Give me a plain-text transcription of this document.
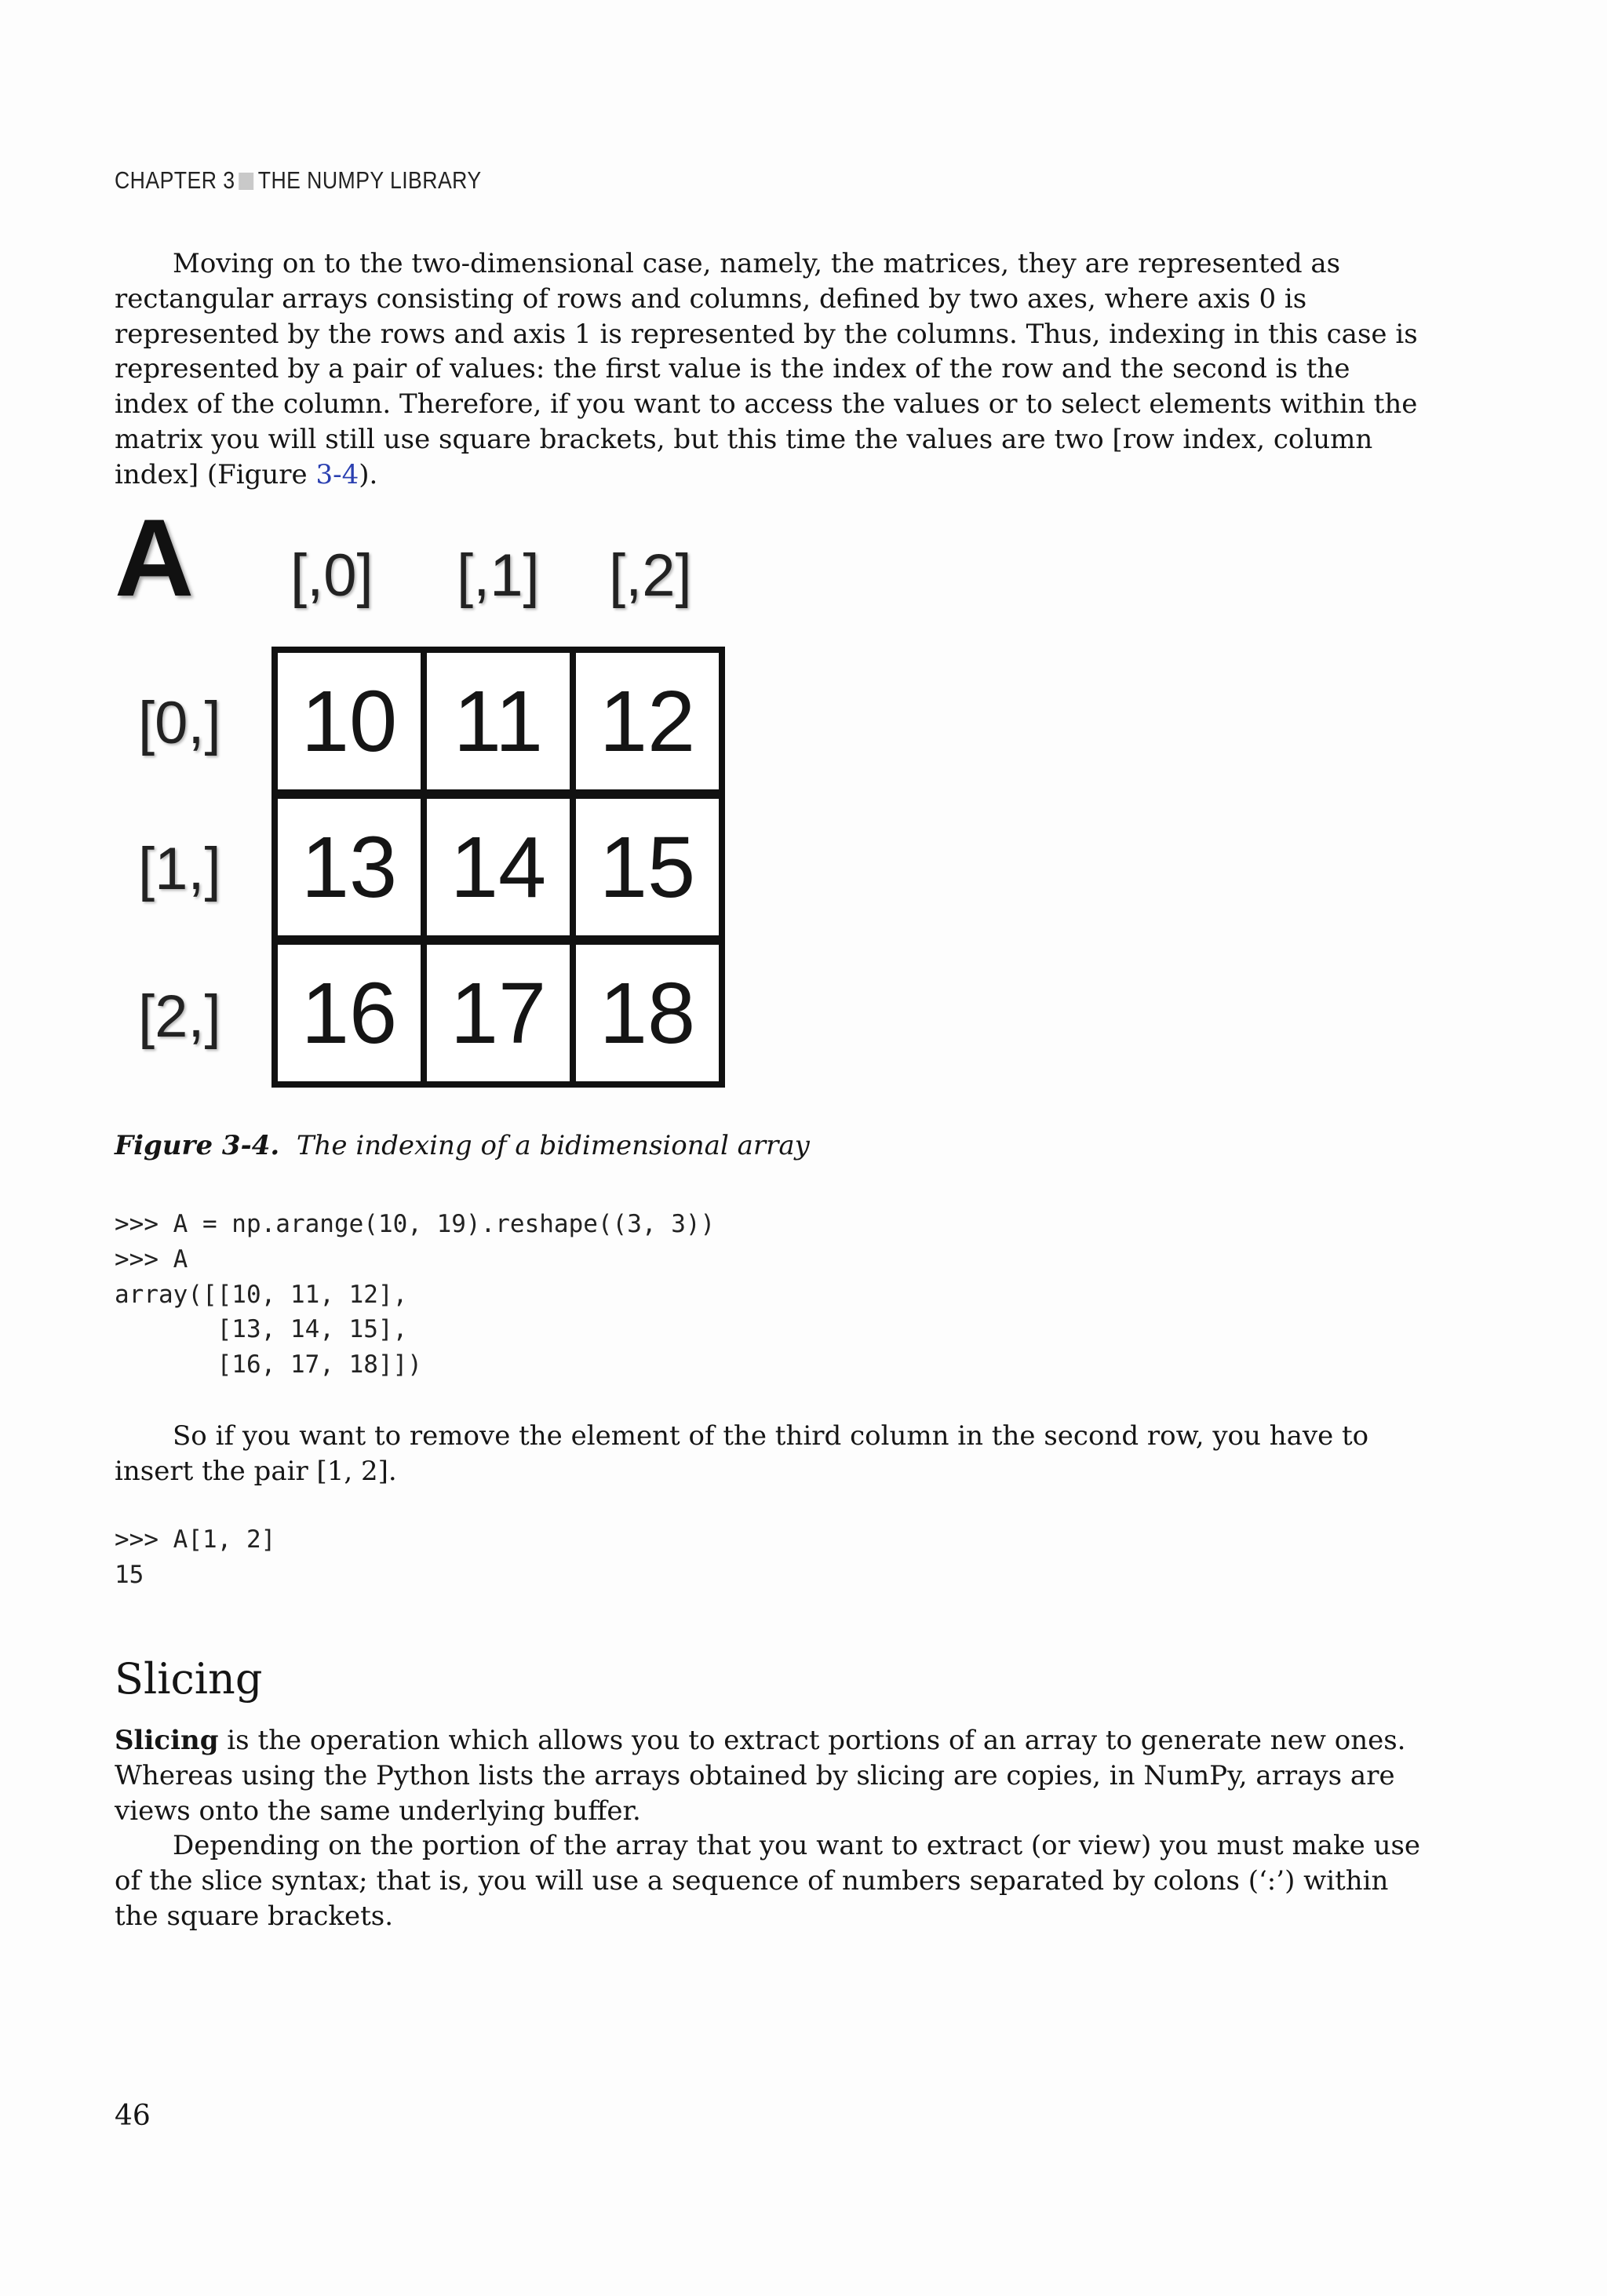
CHAPTER 3 THE NUMPY LIBRARY

Moving on to the two-dimensional case, namely, the matrices, they are represented as rectangular arrays consisting of rows and columns, defined by two axes, where axis 0 is represented by the rows and axis 1 is represented by the columns. Thus, indexing in this case is represented by a pair of values: the first value is the index of the row and the second is the index of the column. Therefore, if you want to access the values or to select elements within the matrix you will still use square brackets, but this time the values are two [row index, column index] (Figure 3-4).

A [,0] [,1] [,2]
[0,]
[1,]
[2,]
10 11 12
13 14 15
16 17 18
Figure 3-4. The indexing of a bidimensional array
>>> A = np.arange(10, 19).reshape((3, 3))
>>> A
array([[10, 11, 12],
[13, 14, 15],
[16, 17, 18]])

So if you want to remove the element of the third column in the second row, you have to insert the pair [1, 2].

>>> A[1, 2]
15
Slicing

Slicing is the operation which allows you to extract portions of an array to generate new ones. Whereas using the Python lists the arrays obtained by slicing are copies, in NumPy, arrays are views onto the same underlying buffer.

Depending on the portion of the array that you want to extract (or view) you must make use of the slice syntax; that is, you will use a sequence of numbers separated by colons (‘:’) within the square brackets.

46
